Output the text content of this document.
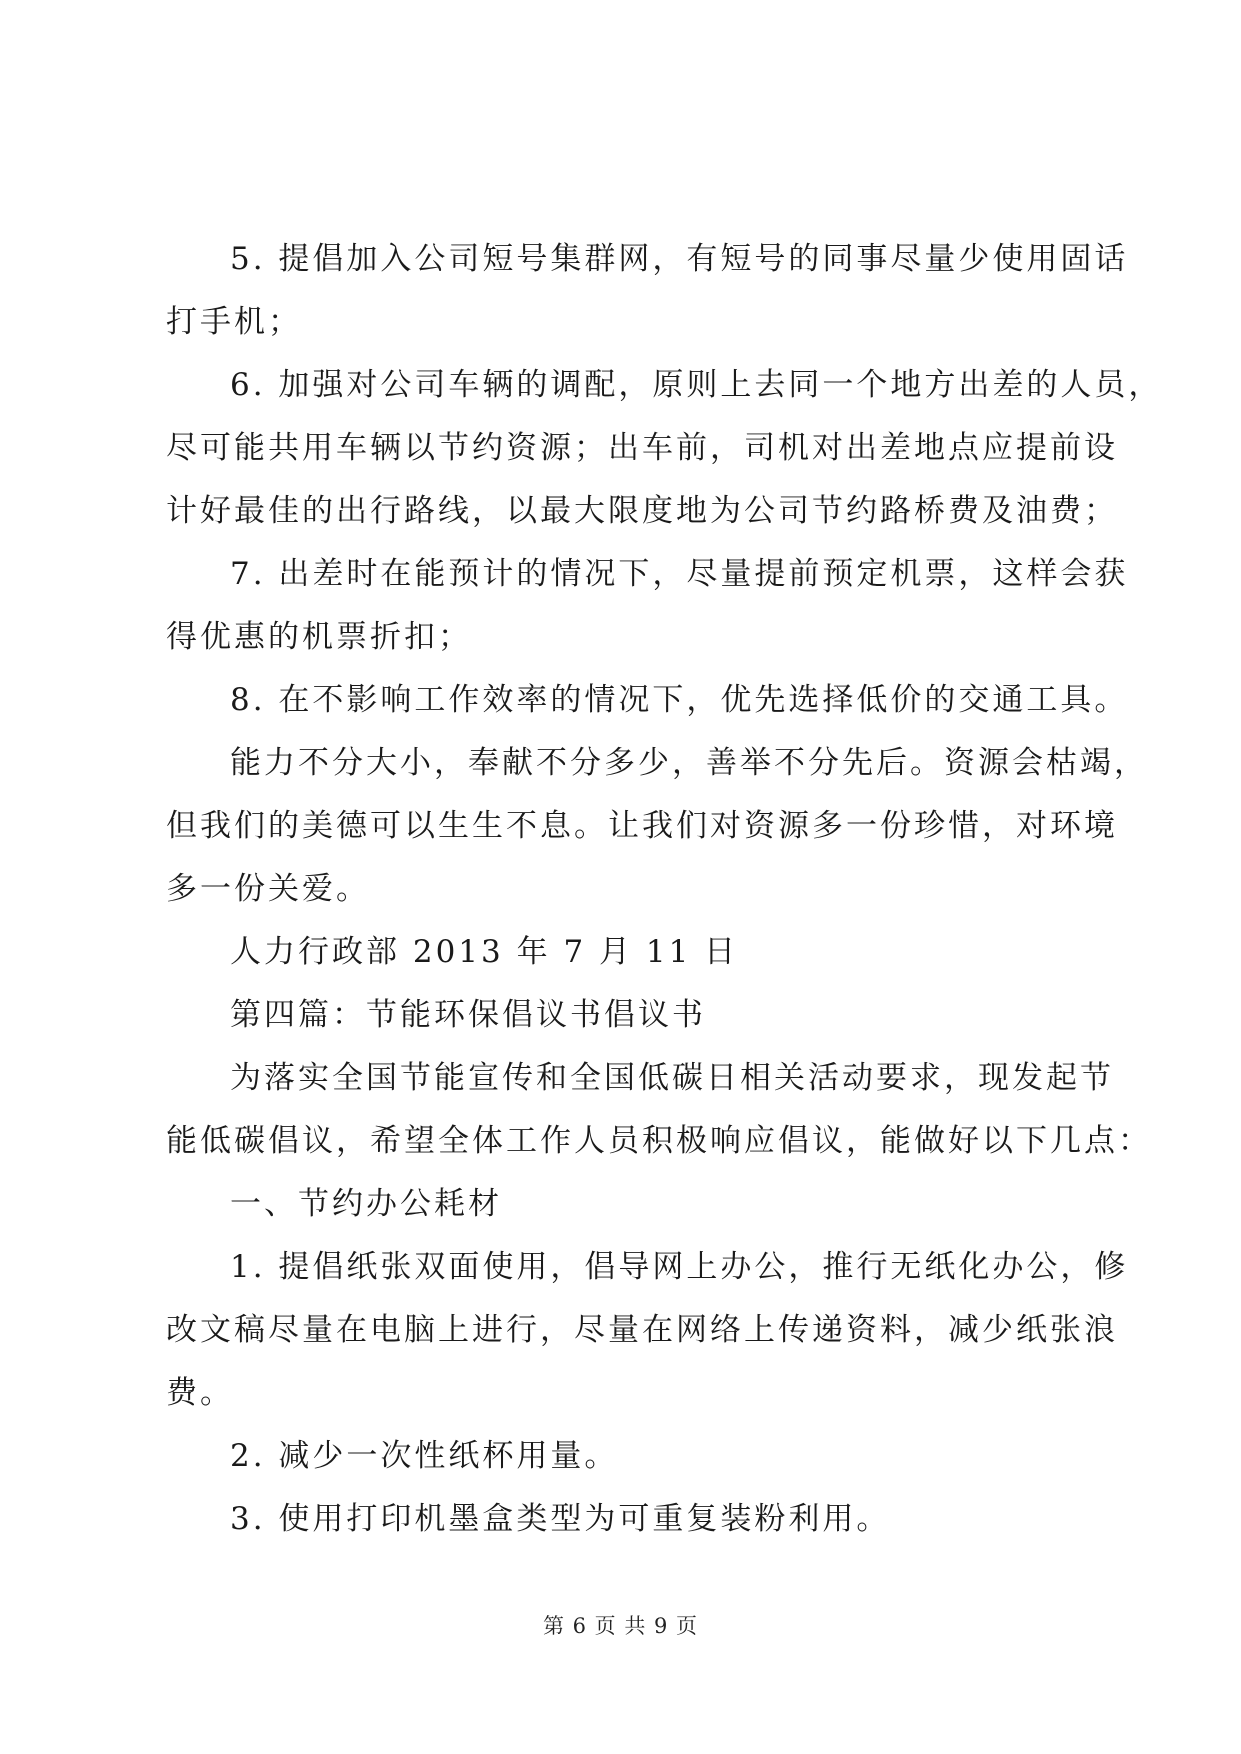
5. 提倡加入公司短号集群网，有短号的同事尽量少使用固话
打手机；
6. 加强对公司车辆的调配，原则上去同一个地方出差的人员，
尽可能共用车辆以节约资源；出车前，司机对出差地点应提前设
计好最佳的出行路线，以最大限度地为公司节约路桥费及油费；
7. 出差时在能预计的情况下，尽量提前预定机票，这样会获
得优惠的机票折扣；
8. 在不影响工作效率的情况下，优先选择低价的交通工具。
能力不分大小，奉献不分多少，善举不分先后。资源会枯竭，
但我们的美德可以生生不息。让我们对资源多一份珍惜，对环境
多一份关爱。
人力行政部 2013 年 7 月 11 日
第四篇：节能环保倡议书倡议书
为落实全国节能宣传和全国低碳日相关活动要求，现发起节
能低碳倡议，希望全体工作人员积极响应倡议，能做好以下几点：
一、节约办公耗材
1. 提倡纸张双面使用，倡导网上办公，推行无纸化办公，修
改文稿尽量在电脑上进行，尽量在网络上传递资料，减少纸张浪
费。
2. 减少一次性纸杯用量。
3. 使用打印机墨盒类型为可重复装粉利用。
第 6 页 共 9 页
